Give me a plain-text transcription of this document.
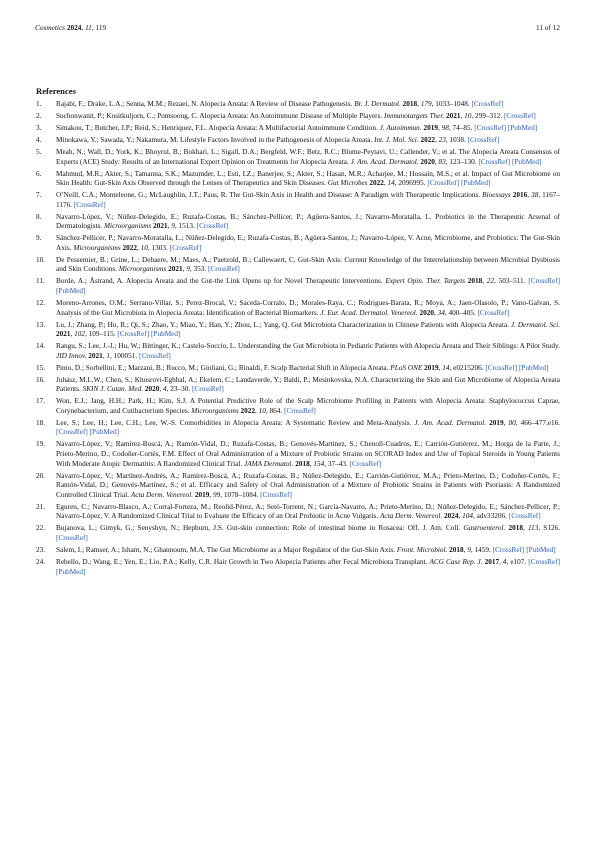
Cosmetics 2024, 11, 119	11 of 12
References
1. Rajabi, F.; Drake, L.A.; Senna, M.M.; Rezaei, N. Alopecia Areata: A Review of Disease Pathogenesis. Br. J. Dermatol. 2018, 179, 1033–1048. [CrossRef]
2. Suchonwanit, P.; Kositkuljorn, C.; Pomsoong, C. Alopecia Areata: An Autoimmune Disease of Multiple Players. Immunotargets Ther. 2021, 10, 299–312. [CrossRef]
3. Simakou, T.; Butcher, J.P.; Reid, S.; Henriquez, F.L. Alopecia Areata: A Multifactorial Autoimmune Condition. J. Autoimmun. 2019, 98, 74–85. [CrossRef] [PubMed]
4. Minokawa, Y.; Sawada, Y.; Nakamura, M. Lifestyle Factors Involved in the Pathogenesis of Alopecia Areata. Int. J. Mol. Sci. 2022, 23, 1038. [CrossRef]
5. Meah, N.; Wall, D.; York, K.; Bhoyrul, B.; Bokhari, L.; Sigall, D.A.; Bergfeld, W.F.; Betz, R.C.; Blume-Peytavi, U.; Callender, V.; et al. The Alopecia Areata Consensus of Experts (ACE) Study: Results of an International Expert Opinion on Treatments for Alopecia Areata. J. Am. Acad. Dermatol. 2020, 83, 123–130. [CrossRef] [PubMed]
6. Mahmud, M.R.; Akter, S.; Tamanna, S.K.; Mazumder, L.; Esti, I.Z.; Banerjee, S.; Akter, S.; Hasan, M.R.; Acharjee, M.; Hossain, M.S.; et al. Impact of Gut Microbiome on Skin Health: Gut-Skin Axis Observed through the Lenses of Therapeutics and Skin Diseases. Gut Microbes 2022, 14, 2096995. [CrossRef] [PubMed]
7. O’Neill, C.A.; Monteleone, G.; McLaughlin, J.T.; Paus, R. The Gut-Skin Axis in Health and Disease: A Paradigm with Therapeutic Implications. Bioessays 2016, 38, 1167–1176. [CrossRef]
8. Navarro-López, V.; Núñez-Delegido, E.; Ruzafa-Costas, B.; Sánchez-Pellicer, P.; Agüera-Santos, J.; Navarro-Moratalla, L. Probiotics in the Therapeutic Arsenal of Dermatologists. Microorganisms 2021, 9, 1513. [CrossRef]
9. Sánchez-Pellicer, P.; Navarro-Moratalla, L.; Núñez-Delegido, E.; Ruzafa-Costas, B.; Agüera-Santos, J.; Navarro-López, V. Acne, Microbiome, and Probiotics: The Gut-Skin Axis. Microorganisms 2022, 10, 1303. [CrossRef]
10. De Pessemier, B.; Grine, L.; Debaere, M.; Maes, A.; Paetzold, B.; Callewaert, C. Gut-Skin Axis: Current Knowledge of the Interrelationship between Microbial Dysbiosis and Skin Conditions. Microorganisms 2021, 9, 353. [CrossRef]
11. Borde, A.; Åstrand, A. Alopecia Areata and the Gut-the Link Opens up for Novel Therapeutic Interventions. Expert Opin. Ther. Targets 2018, 22, 503–511. [CrossRef] [PubMed]
12. Moreno-Arrones, O.M.; Serrano-Villar, S.; Perez-Brocal, V.; Saceda-Corralo, D.; Morales-Raya, C.; Rodrigues-Barata, R.; Moya, A.; Jaen-Olasolo, P.; Vano-Galvan, S. Analysis of the Gut Microbiota in Alopecia Areata: Identification of Bacterial Biomarkers. J. Eur. Acad. Dermatol. Venereol. 2020, 34, 400–405. [CrossRef]
13. Lu, J.; Zhang, P.; Hu, R.; Qi, S.; Zhao, Y.; Miao, Y.; Han, Y.; Zhou, L.; Yang, Q. Gut Microbiota Characterization in Chinese Patients with Alopecia Areata. J. Dermatol. Sci. 2021, 102, 109–115. [CrossRef] [PubMed]
14. Rangu, S.; Lee, J.-J.; Hu, W.; Bittinger, K.; Castelo-Soccio, L. Understanding the Gut Microbiota in Pediatric Patients with Alopecia Areata and Their Siblings: A Pilot Study. JID Innov. 2021, 1, 100051. [CrossRef]
15. Pinto, D.; Sorbellini, E.; Marzani, B.; Rucco, M.; Giuliani, G.; Rinaldi, F. Scalp Bacterial Shift in Alopecia Areata. PLoS ONE 2019, 14, e0215206. [CrossRef] [PubMed]
16. Juhász, M.L.W.; Chen, S.; Khosrovi-Eghbal, A.; Ekelem, C.; Landaverde, Y.; Baldi, P.; Mesinkovska, N.A. Characterizing the Skin and Gut Microbiome of Alopecia Areata Patients. SKIN J. Cutan. Med. 2020, 4, 23–30. [CrossRef]
17. Won, E.J.; Jang, H.H.; Park, H.; Kim, S.J. A Potential Predictive Role of the Scalp Microbiome Profiling in Patients with Alopecia Areata: Staphylococcus Caprae, Corynebacterium, and Cutibacterium Species. Microorganisms 2022, 10, 864. [CrossRef]
18. Lee, S.; Lee, H.; Lee, C.H.; Lee, W.-S. Comorbidities in Alopecia Areata: A Systematic Review and Meta-Analysis. J. Am. Acad. Dermatol. 2019, 80, 466–477.e16. [CrossRef] [PubMed]
19. Navarro-López, V.; Ramírez-Boscá, A.; Ramón-Vidal, D.; Ruzafa-Costas, B.; Genovés-Martínez, S.; Chenoll-Cuadros, E.; Carrión-Gutiérrez, M.; Horga de la Parte, J.; Prieto-Merino, D.; Codoñer-Cortés, F.M. Effect of Oral Administration of a Mixture of Probiotic Strains on SCORAD Index and Use of Topical Steroids in Young Patients With Moderate Atopic Dermatitis: A Randomized Clinical Trial. JAMA Dermatol. 2018, 154, 37–43. [CrossRef]
20. Navarro-López, V.; Martínez-Andrés, A.; Ramírez-Boscá, A.; Ruzafa-Costas, B.; Núñez-Delegido, E.; Carrión-Gutiérrez, M.A.; Prieto-Merino, D.; Codoñer-Cortés, F.; Ramón-Vidal, D.; Genovés-Martínez, S.; et al. Efficacy and Safety of Oral Administration of a Mixture of Probiotic Strains in Patients with Psoriasis: A Randomized Controlled Clinical Trial. Acta Derm. Venereol. 2019, 99, 1078–1084. [CrossRef]
21. Eguren, C.; Navarro-Blasco, A.; Corral-Forteza, M.; Reolid-Pérez, A.; Setó-Torrent, N.; García-Navarro, A.; Prieto-Merino, D.; Núñez-Delegido, E.; Sánchez-Pellicer, P.; Navarro-López, V. A Randomized Clinical Trial to Evaluate the Efficacy of an Oral Probiotic in Acne Vulgaris. Acta Derm. Venereol. 2024, 104, adv33206. [CrossRef]
22. Bujanova, L.; Gimyk, G.; Senyshyn, N.; Hepburn, J.S. Gut-skin connection: Role of intestinal biome in Rosacea: Off. J. Am. Coll. Gastroenterol. 2018, 113, S126. [CrossRef]
23. Salem, I.; Ramser, A.; Isham, N.; Ghannoum, M.A. The Gut Microbiome as a Major Regulator of the Gut-Skin Axis. Front. Microbiol. 2018, 9, 1459. [CrossRef] [PubMed]
24. Rebello, D.; Wang, E.; Yen, E.; Lio, P.A.; Kelly, C.R. Hair Growth in Two Alopecia Patients after Fecal Microbiota Transplant. ACG Case Rep. J. 2017, 4, e107. [CrossRef] [PubMed]
